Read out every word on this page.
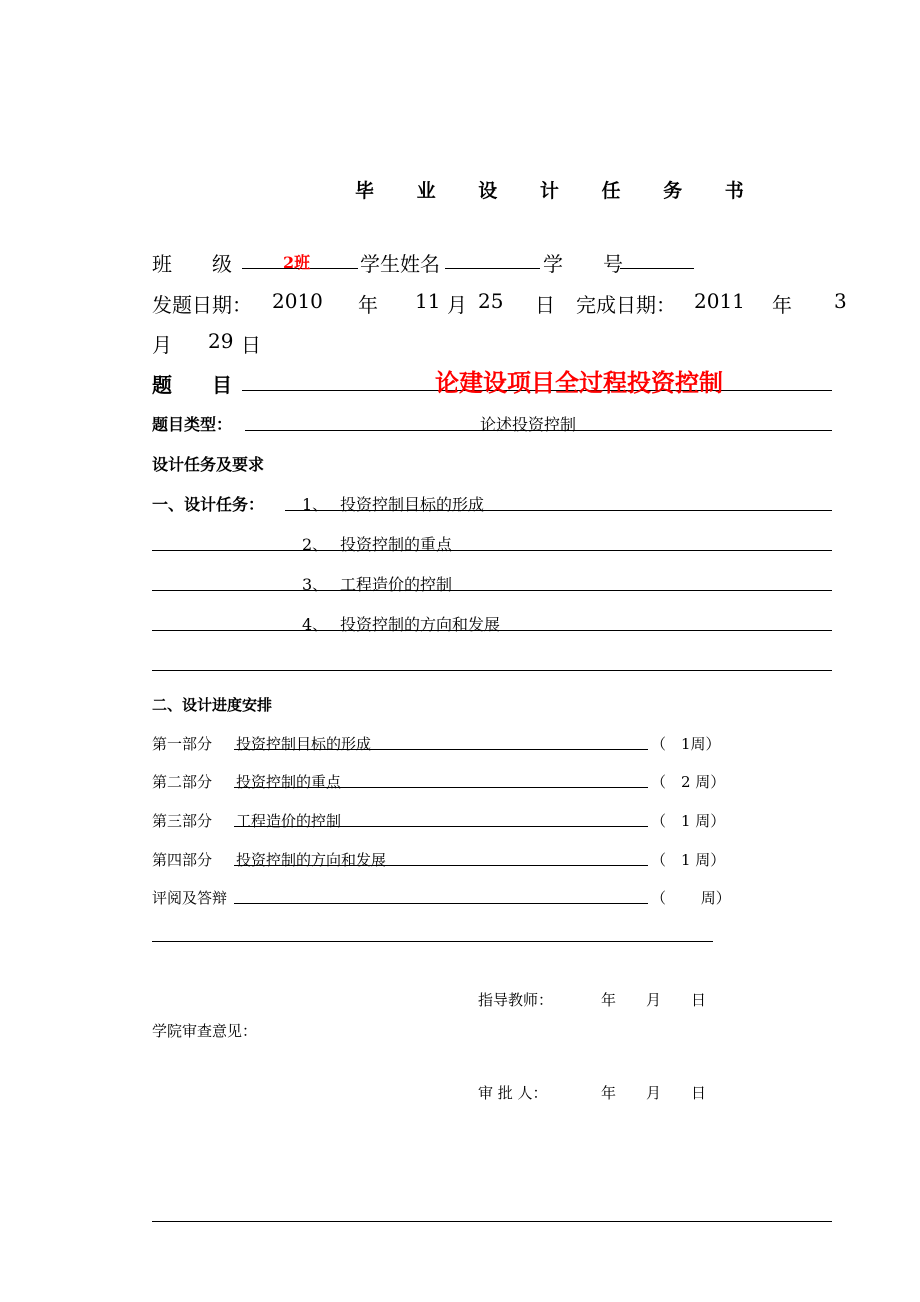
毕 业 设 计 任 务 书
班　　级	2班 学生姓名	学　　号
发题日期： 2010 年 11 月 25 日 完成日期： 2011 年 3
月 29 日
题　　目	论建设项目全过程投资控制
题目类型：	论述投资控制
设计任务及要求
一、设计任务： 1、 投资控制目标的形成
2、 投资控制的重点
3、 工程造价的控制
4、 投资控制的方向和发展
二、设计进度安排
第一部分 投资控制目标的形成	（　1周）
第二部分 投资控制的重点	（　2 周）
第三部分 工程造价的控制	（　1 周）
第四部分 投资控制的方向和发展	（　1 周）
评阅及答辩	（　　 周）
指导教师：	年　　月　　日
学院审查意见：
审 批 人：	年　　月　　日
